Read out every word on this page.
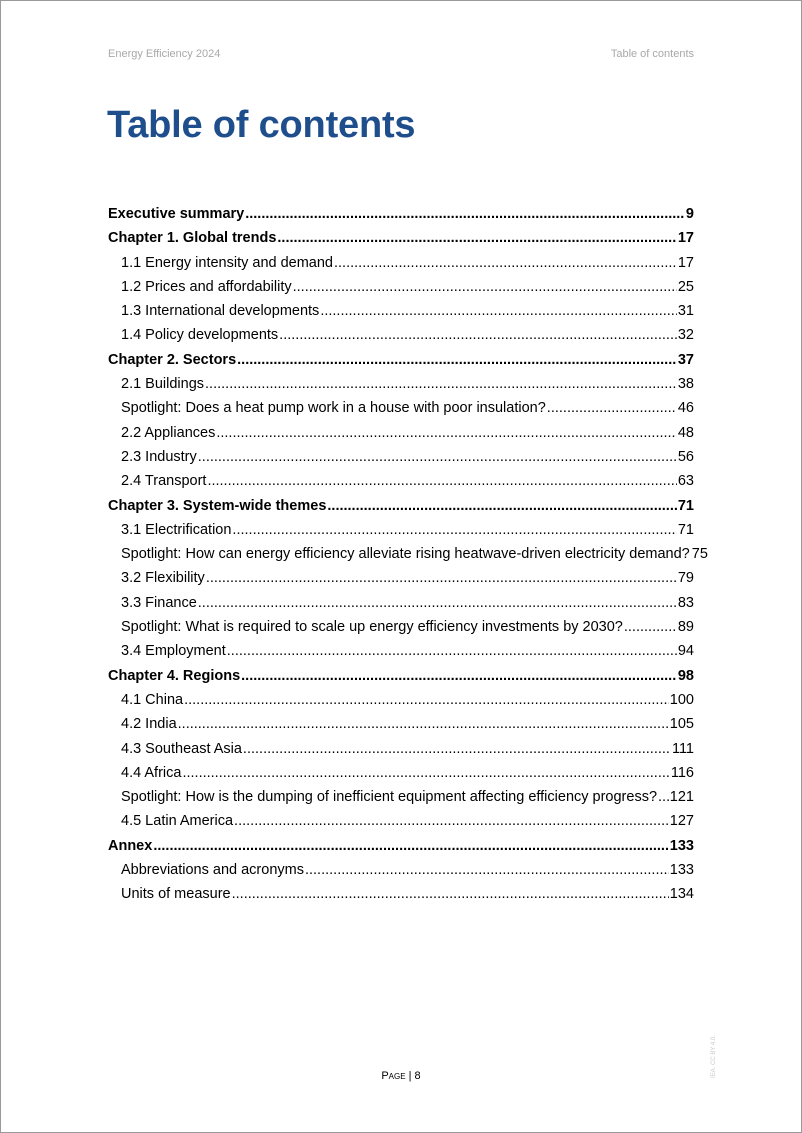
Energy Efficiency 2024	Table of contents
Table of contents
Executive summary .....	9
Chapter 1. Global trends .....	17
1.1 Energy intensity and demand .....	17
1.2 Prices and affordability .....	25
1.3 International developments .....	31
1.4 Policy developments .....	32
Chapter 2. Sectors .....	37
2.1 Buildings .....	38
Spotlight: Does a heat pump work in a house with poor insulation? .....	46
2.2 Appliances .....	48
2.3 Industry .....	56
2.4 Transport .....	63
Chapter 3. System-wide themes .....	71
3.1 Electrification .....	71
Spotlight: How can energy efficiency alleviate rising heatwave-driven electricity demand? 75
3.2 Flexibility .....	79
3.3 Finance .....	83
Spotlight: What is required to scale up energy efficiency investments by 2030? .....	89
3.4 Employment .....	94
Chapter 4. Regions .....	98
4.1 China .....	100
4.2 India .....	105
4.3 Southeast Asia .....	111
4.4 Africa .....	116
Spotlight: How is the dumping of inefficient equipment affecting efficiency progress? ..... 121
4.5 Latin America .....	127
Annex .....	133
Abbreviations and acronyms .....	133
Units of measure .....	134
Page | 8	IEA. CC BY 4.0.
